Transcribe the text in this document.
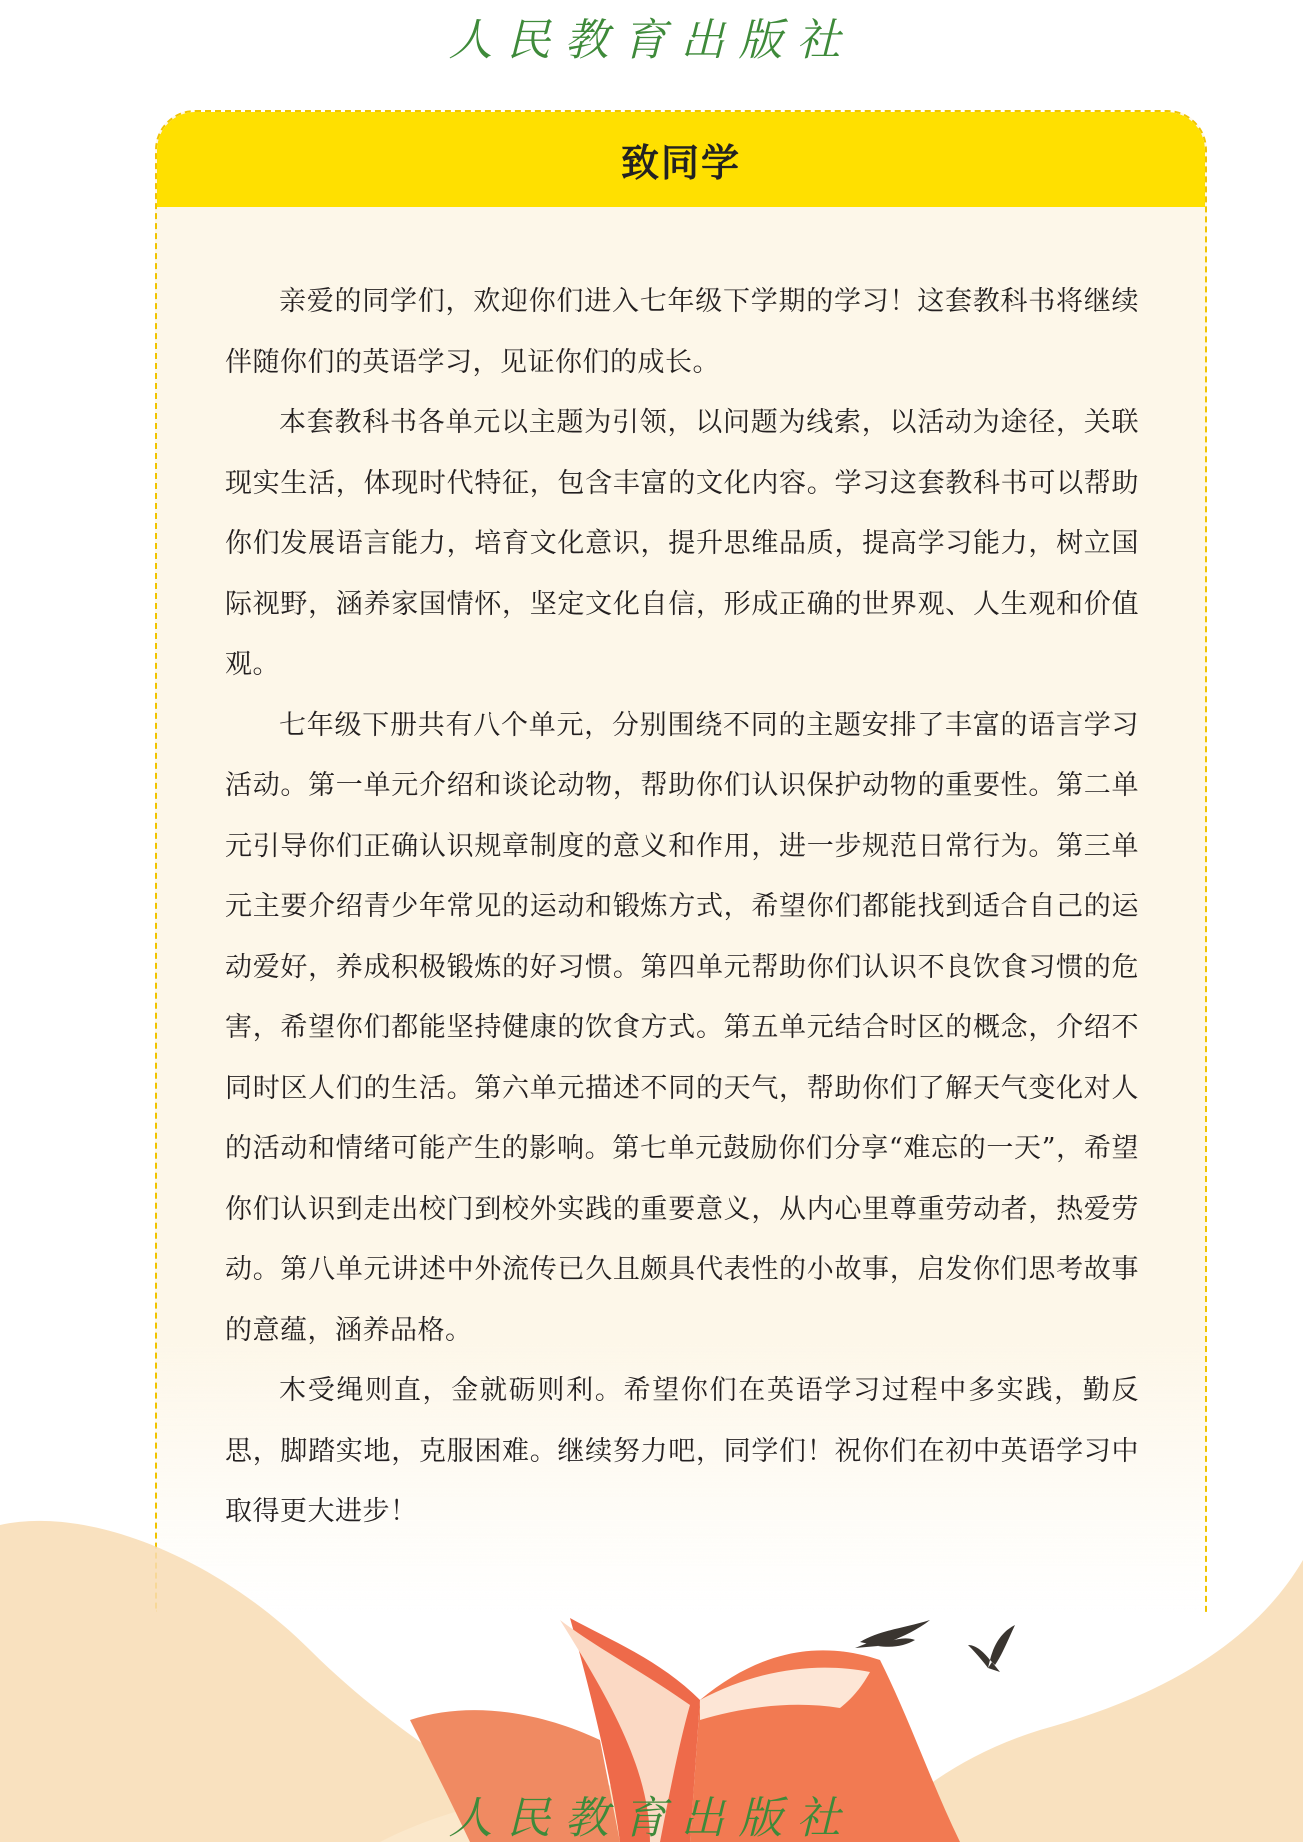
人民教育出版社
致同学

亲爱的同学们，欢迎你们进入七年级下学期的学习！这套教科书将继续伴随你们的英语学习，见证你们的成长。

本套教科书各单元以主题为引领，以问题为线索，以活动为途径，关联现实生活，体现时代特征，包含丰富的文化内容。学习这套教科书可以帮助你们发展语言能力，培育文化意识，提升思维品质，提高学习能力，树立国际视野，涵养家国情怀，坚定文化自信，形成正确的世界观、人生观和价值观。

七年级下册共有八个单元，分别围绕不同的主题安排了丰富的语言学习活动。第一单元介绍和谈论动物，帮助你们认识保护动物的重要性。第二单元引导你们正确认识规章制度的意义和作用，进一步规范日常行为。第三单元主要介绍青少年常见的运动和锻炼方式，希望你们都能找到适合自己的运动爱好，养成积极锻炼的好习惯。第四单元帮助你们认识不良饮食习惯的危害，希望你们都能坚持健康的饮食方式。第五单元结合时区的概念，介绍不同时区人们的生活。第六单元描述不同的天气，帮助你们了解天气变化对人的活动和情绪可能产生的影响。第七单元鼓励你们分享“难忘的一天”，希望你们认识到走出校门到校外实践的重要意义，从内心里尊重劳动者，热爱劳动。第八单元讲述中外流传已久且颇具代表性的小故事，启发你们思考故事的意蕴，涵养品格。

木受绳则直，金就砺则利。希望你们在英语学习过程中多实践，勤反思，脚踏实地，克服困难。继续努力吧，同学们！祝你们在初中英语学习中取得更大进步！

人民教育出版社
